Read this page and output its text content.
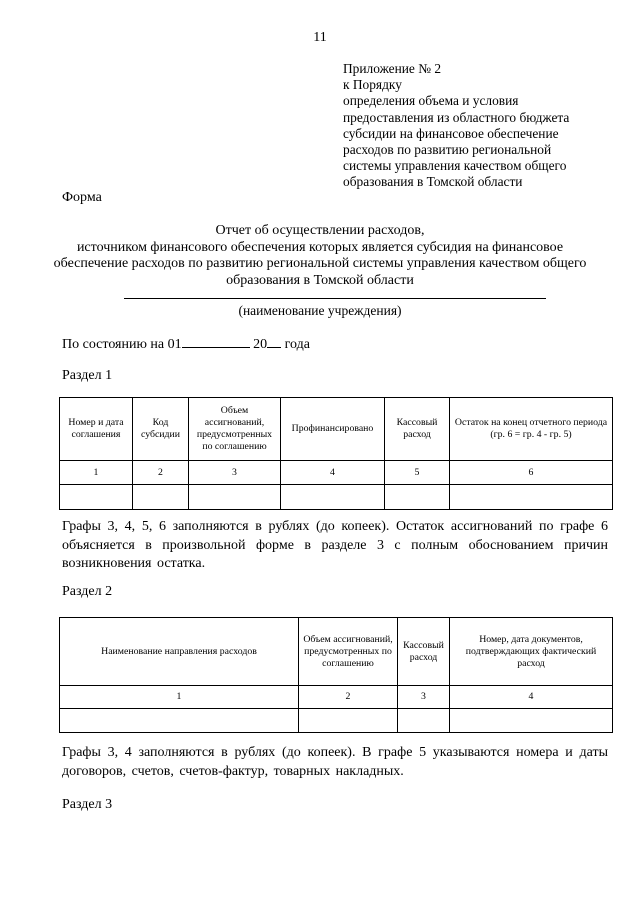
11
Приложение № 2
к Порядку
определения объема и условия
предоставления из областного бюджета
субсидии на финансовое обеспечение
расходов по развитию региональной
системы управления качеством общего
образования в Томской области
Форма
Отчет об осуществлении расходов,
источником финансового обеспечения которых является субсидия на финансовое
обеспечение расходов по развитию региональной системы управления качеством общего
образования в Томской области
(наименование учреждения)
По состоянию на 01	20 года
Раздел 1
Номер и дата соглашения	Код субсидии	Объем ассигнований, предусмотренных по соглашению	Профинансировано	Кассовый расход	Остаток на конец отчетного периода (гр. 6 = гр. 4 - гр. 5)
1	2	3	4	5	6

Графы 3, 4, 5, 6 заполняются в рублях (до копеек). Остаток ассигнований по графе 6 объясняется в произвольной форме в разделе 3 с полным обоснованием причин возникновения остатка.
Раздел 2
Наименование направления расходов	Объем ассигнований, предусмотренных по соглашению	Кассовый расход	Номер, дата документов, подтверждающих фактический расход
1	2	3	4

Графы 3, 4 заполняются в рублях (до копеек). В графе 5 указываются номера и даты договоров, счетов, счетов-фактур, товарных накладных.
Раздел 3
